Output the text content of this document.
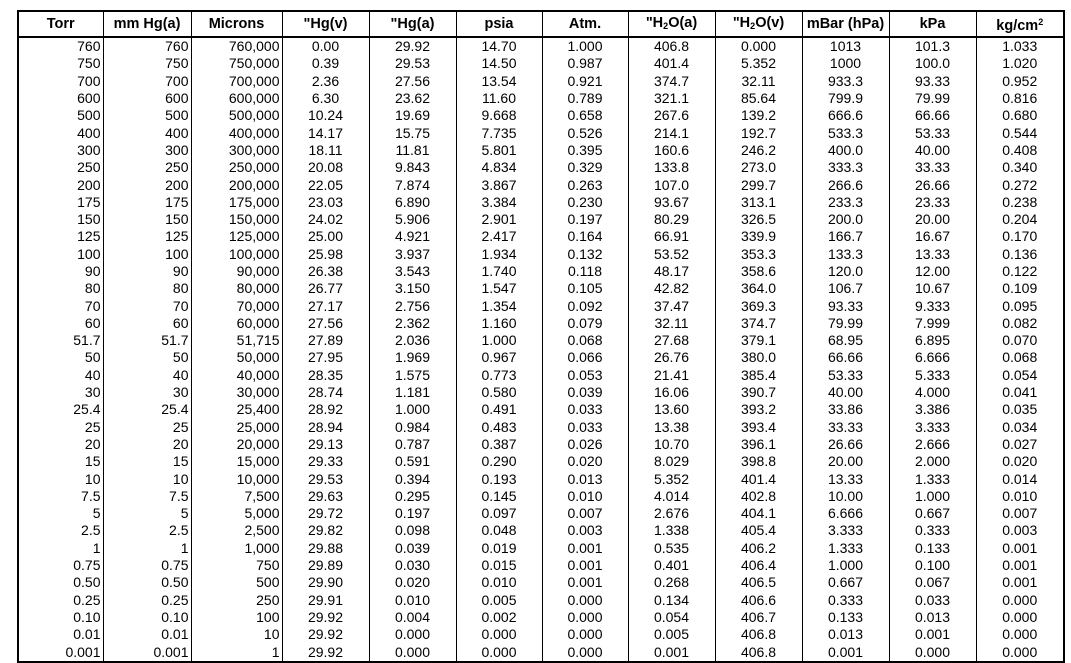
Torr	mm Hg(a)	Microns	"Hg(v)	"Hg(a)	psia	Atm.	"$H_2O(a)$	"$H_2O(v)$	mBar (hPa)	kPa	$kg/cm^2$
760	760	760,000	0.00	29.92	14.70	1.000	406.8	0.000	1013	101.3	1.033
750	750	750,000	0.39	29.53	14.50	0.987	401.4	5.352	1000	100.0	1.020
700	700	700,000	2.36	27.56	13.54	0.921	374.7	32.11	933.3	93.33	0.952
600	600	600,000	6.30	23.62	11.60	0.789	321.1	85.64	799.9	79.99	0.816
500	500	500,000	10.24	19.69	9.668	0.658	267.6	139.2	666.6	66.66	0.680
400	400	400,000	14.17	15.75	7.735	0.526	214.1	192.7	533.3	53.33	0.544
300	300	300,000	18.11	11.81	5.801	0.395	160.6	246.2	400.0	40.00	0.408
250	250	250,000	20.08	9.843	4.834	0.329	133.8	273.0	333.3	33.33	0.340
200	200	200,000	22.05	7.874	3.867	0.263	107.0	299.7	266.6	26.66	0.272
175	175	175,000	23.03	6.890	3.384	0.230	93.67	313.1	233.3	23.33	0.238
150	150	150,000	24.02	5.906	2.901	0.197	80.29	326.5	200.0	20.00	0.204
125	125	125,000	25.00	4.921	2.417	0.164	66.91	339.9	166.7	16.67	0.170
100	100	100,000	25.98	3.937	1.934	0.132	53.52	353.3	133.3	13.33	0.136
90	90	90,000	26.38	3.543	1.740	0.118	48.17	358.6	120.0	12.00	0.122
80	80	80,000	26.77	3.150	1.547	0.105	42.82	364.0	106.7	10.67	0.109
70	70	70,000	27.17	2.756	1.354	0.092	37.47	369.3	93.33	9.333	0.095
60	60	60,000	27.56	2.362	1.160	0.079	32.11	374.7	79.99	7.999	0.082
51.7	51.7	51,715	27.89	2.036	1.000	0.068	27.68	379.1	68.95	6.895	0.070
50	50	50,000	27.95	1.969	0.967	0.066	26.76	380.0	66.66	6.666	0.068
40	40	40,000	28.35	1.575	0.773	0.053	21.41	385.4	53.33	5.333	0.054
30	30	30,000	28.74	1.181	0.580	0.039	16.06	390.7	40.00	4.000	0.041
25.4	25.4	25,400	28.92	1.000	0.491	0.033	13.60	393.2	33.86	3.386	0.035
25	25	25,000	28.94	0.984	0.483	0.033	13.38	393.4	33.33	3.333	0.034
20	20	20,000	29.13	0.787	0.387	0.026	10.70	396.1	26.66	2.666	0.027
15	15	15,000	29.33	0.591	0.290	0.020	8.029	398.8	20.00	2.000	0.020
10	10	10,000	29.53	0.394	0.193	0.013	5.352	401.4	13.33	1.333	0.014
7.5	7.5	7,500	29.63	0.295	0.145	0.010	4.014	402.8	10.00	1.000	0.010
5	5	5,000	29.72	0.197	0.097	0.007	2.676	404.1	6.666	0.667	0.007
2.5	2.5	2,500	29.82	0.098	0.048	0.003	1.338	405.4	3.333	0.333	0.003
1	1	1,000	29.88	0.039	0.019	0.001	0.535	406.2	1.333	0.133	0.001
0.75	0.75	750	29.89	0.030	0.015	0.001	0.401	406.4	1.000	0.100	0.001
0.50	0.50	500	29.90	0.020	0.010	0.001	0.268	406.5	0.667	0.067	0.001
0.25	0.25	250	29.91	0.010	0.005	0.000	0.134	406.6	0.333	0.033	0.000
0.10	0.10	100	29.92	0.004	0.002	0.000	0.054	406.7	0.133	0.013	0.000
0.01	0.01	10	29.92	0.000	0.000	0.000	0.005	406.8	0.013	0.001	0.000
0.001	0.001	1	29.92	0.000	0.000	0.000	0.001	406.8	0.001	0.000	0.000
